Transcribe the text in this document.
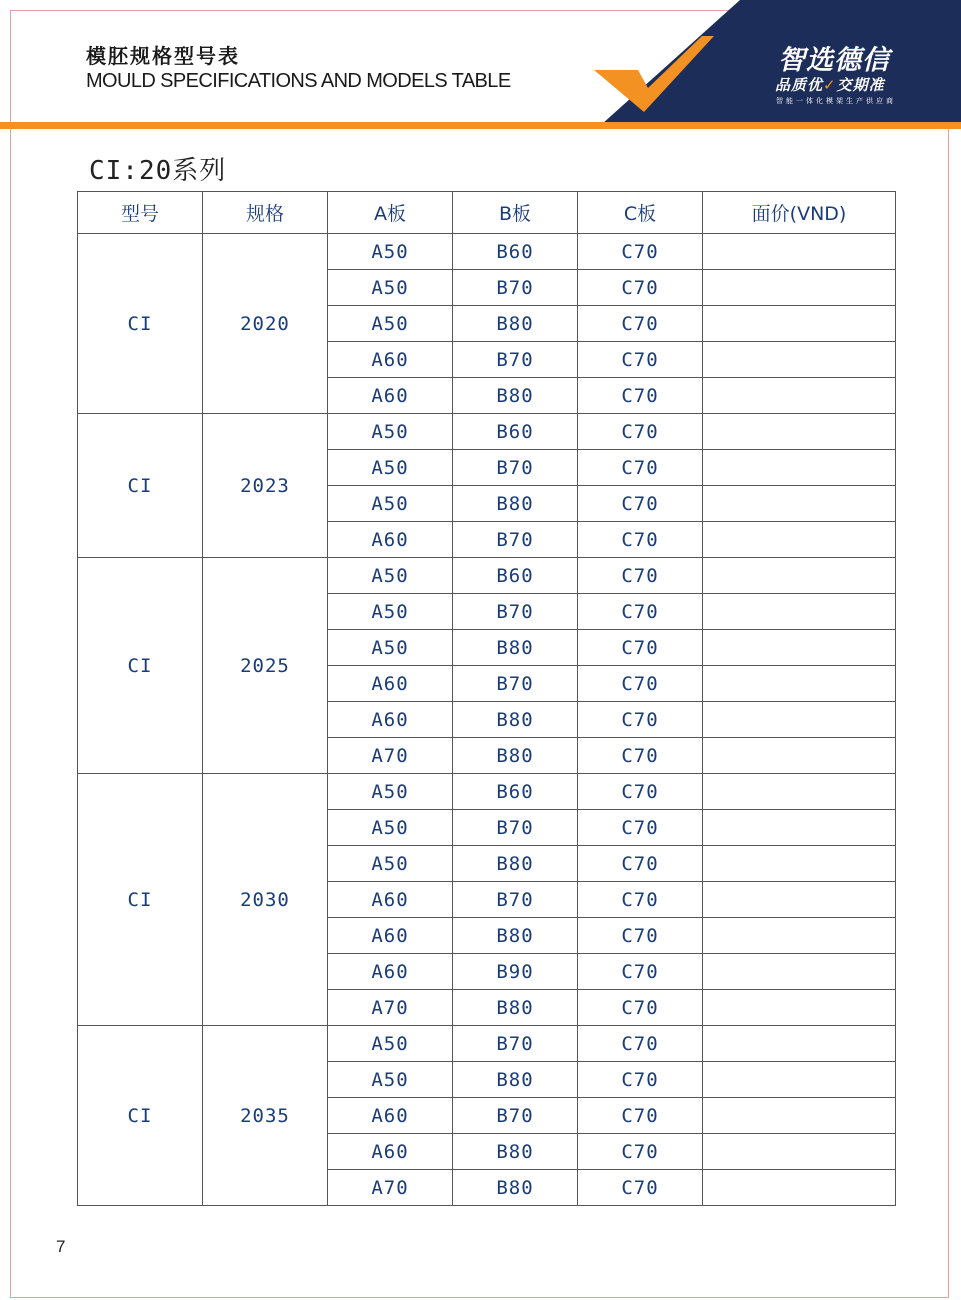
模胚规格型号表
MOULD SPECIFICATIONS AND MODELS TABLE
智选德信
品质优✓交期准
智能一体化模架生产供应商
CI:20系列
型号	规格	A板	B板	C板	面价(VND)
CI	2020	A50	B60	C70	
		A50	B70	C70	
		A50	B80	C70	
		A60	B70	C70	
		A60	B80	C70	
CI	2023	A50	B60	C70	
		A50	B70	C70	
		A50	B80	C70	
		A60	B70	C70	
CI	2025	A50	B60	C70	
		A50	B70	C70	
		A50	B80	C70	
		A60	B70	C70	
		A60	B80	C70	
		A70	B80	C70	
CI	2030	A50	B60	C70	
		A50	B70	C70	
		A50	B80	C70	
		A60	B70	C70	
		A60	B80	C70	
		A60	B90	C70	
		A70	B80	C70	
CI	2035	A50	B70	C70	
		A50	B80	C70	
		A60	B70	C70	
		A60	B80	C70	
		A70	B80	C70	
7
